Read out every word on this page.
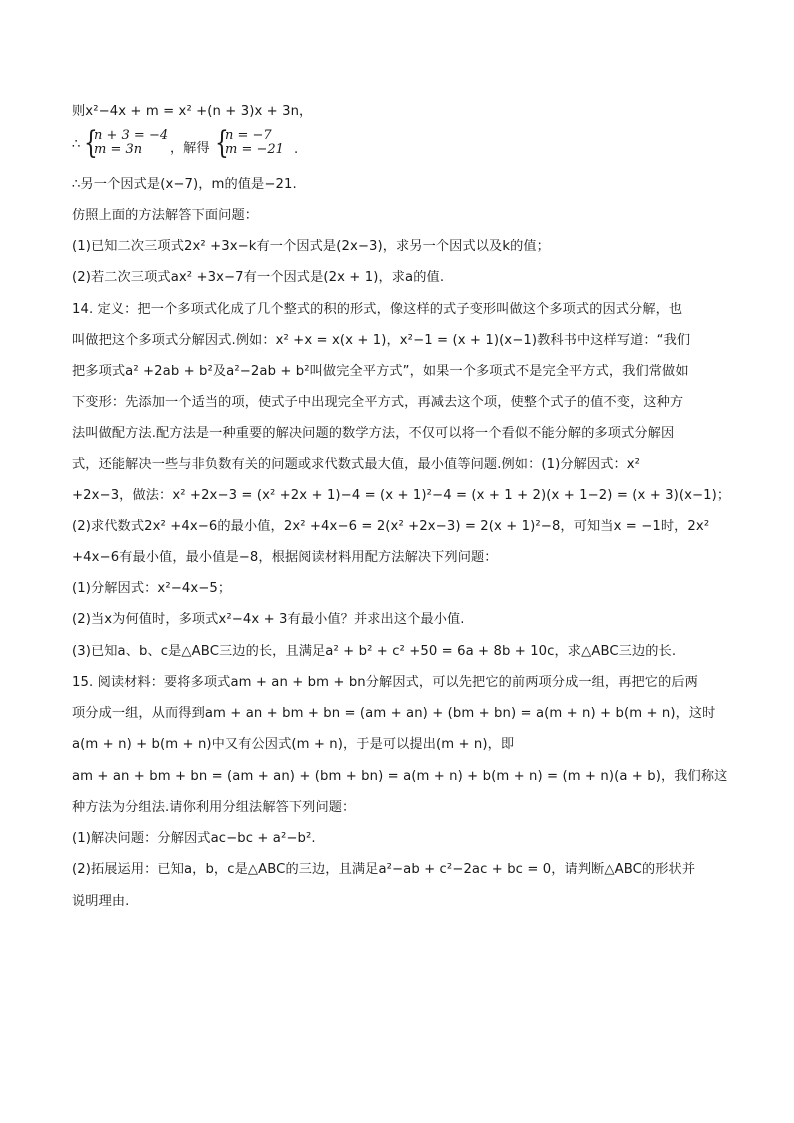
则x²−4x + m = x² +(n + 3)x + 3n，
∴ {
n + 3 = −4
m = 3n	，解得 {
n = −7
m = −21 .
∴另一个因式是(x−7)，m的值是−21.
仿照上面的方法解答下面问题：
(1)已知二次三项式2x² +3x−k有一个因式是(2x−3)，求另一个因式以及k的值；
(2)若二次三项式ax² +3x−7有一个因式是(2x + 1)，求a的值.
14. 定义：把一个多项式化成了几个整式的积的形式，像这样的式子变形叫做这个多项式的因式分解，也
叫做把这个多项式分解因式.例如：x² +x = x(x + 1)，x²−1 = (x + 1)(x−1)教科书中这样写道：“我们
把多项式a² +2ab + b²及a²−2ab + b²叫做完全平方式”，如果一个多项式不是完全平方式，我们常做如
下变形：先添加一个适当的项，使式子中出现完全平方式，再减去这个项，使整个式子的值不变，这种方
法叫做配方法.配方法是一种重要的解决问题的数学方法，不仅可以将一个看似不能分解的多项式分解因
式，还能解决一些与非负数有关的问题或求代数式最大值，最小值等问题.例如：(1)分解因式：x²
+2x−3，做法：x² +2x−3 = (x² +2x + 1)−4 = (x + 1)²−4 = (x + 1 + 2)(x + 1−2) = (x + 3)(x−1)；
(2)求代数式2x² +4x−6的最小值，2x² +4x−6 = 2(x² +2x−3) = 2(x + 1)²−8，可知当x = −1时，2x²
+4x−6有最小值，最小值是−8，根据阅读材料用配方法解决下列问题：
(1)分解因式：x²−4x−5；
(2)当x为何值时，多项式x²−4x + 3有最小值？并求出这个最小值.
(3)已知a、b、c是△ABC三边的长，且满足a² + b² + c² +50 = 6a + 8b + 10c，求△ABC三边的长.
15. 阅读材料：要将多项式am + an + bm + bn分解因式，可以先把它的前两项分成一组，再把它的后两
项分成一组，从而得到am + an + bm + bn = (am + an) + (bm + bn) = a(m + n) + b(m + n)，这时
a(m + n) + b(m + n)中又有公因式(m + n)，于是可以提出(m + n)，即
am + an + bm + bn = (am + an) + (bm + bn) = a(m + n) + b(m + n) = (m + n)(a + b)，我们称这
种方法为分组法.请你利用分组法解答下列问题：
(1)解决问题：分解因式ac−bc + a²−b².
(2)拓展运用：已知a，b，c是△ABC的三边，且满足a²−ab + c²−2ac + bc = 0，请判断△ABC的形状并
说明理由.
